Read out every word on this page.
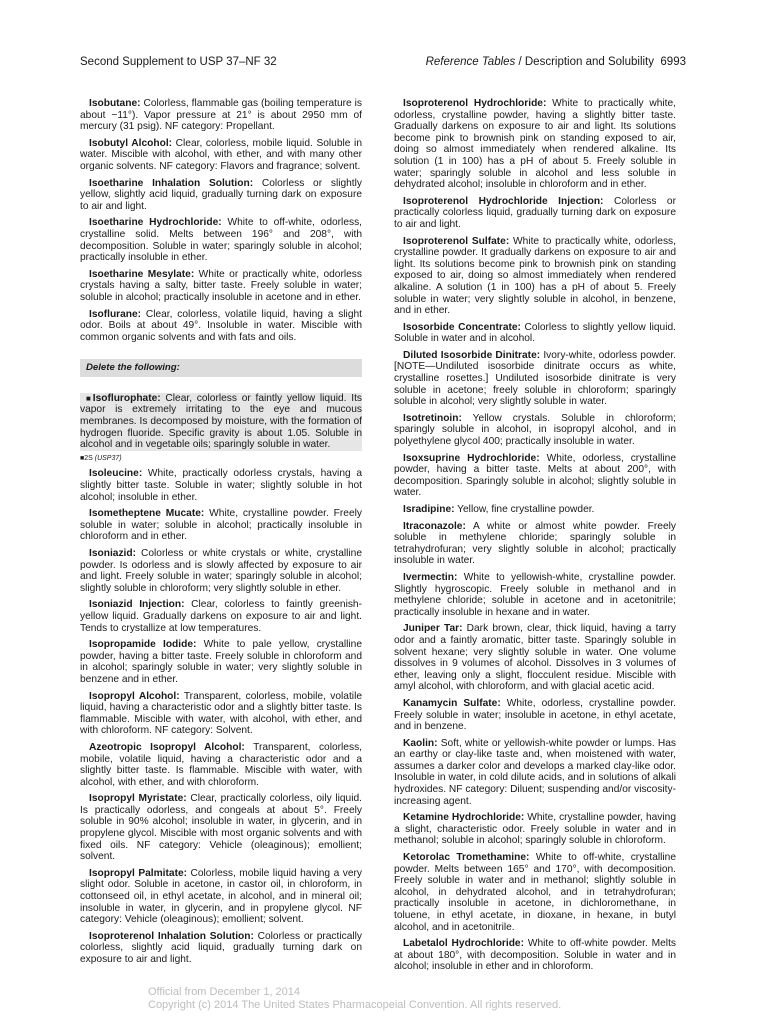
Second Supplement to USP 37–NF 32	Reference Tables / Description and Solubility 6993

Isobutane: Colorless, flammable gas (boiling temperature is about −11°). Vapor pressure at 21° is about 2950 mm of mercury (31 psig). NF category: Propellant.

Isobutyl Alcohol: Clear, colorless, mobile liquid. Soluble in water. Miscible with alcohol, with ether, and with many other organic solvents. NF category: Flavors and fragrance; solvent.

Isoetharine Inhalation Solution: Colorless or slightly yellow, slightly acid liquid, gradually turning dark on exposure to air and light.

Isoetharine Hydrochloride: White to off-white, odorless, crystalline solid. Melts between 196° and 208°, with decomposition. Soluble in water; sparingly soluble in alcohol; practically insoluble in ether.

Isoetharine Mesylate: White or practically white, odorless crystals having a salty, bitter taste. Freely soluble in water; soluble in alcohol; practically insoluble in acetone and in ether.

Isoflurane: Clear, colorless, volatile liquid, having a slight odor. Boils at about 49°. Insoluble in water. Miscible with common organic solvents and with fats and oils.

Delete the following:

■Isoflurophate: Clear, colorless or faintly yellow liquid. Its vapor is extremely irritating to the eye and mucous membranes. Is decomposed by moisture, with the formation of hydrogen fluoride. Specific gravity is about 1.05. Soluble in alcohol and in vegetable oils; sparingly soluble in water.

■2S (USP37)

Isoleucine: White, practically odorless crystals, having a slightly bitter taste. Soluble in water; slightly soluble in hot alcohol; insoluble in ether.

Isometheptene Mucate: White, crystalline powder. Freely soluble in water; soluble in alcohol; practically insoluble in chloroform and in ether.

Isoniazid: Colorless or white crystals or white, crystalline powder. Is odorless and is slowly affected by exposure to air and light. Freely soluble in water; sparingly soluble in alcohol; slightly soluble in chloroform; very slightly soluble in ether.

Isoniazid Injection: Clear, colorless to faintly greenish-yellow liquid. Gradually darkens on exposure to air and light. Tends to crystallize at low temperatures.

Isopropamide Iodide: White to pale yellow, crystalline powder, having a bitter taste. Freely soluble in chloroform and in alcohol; sparingly soluble in water; very slightly soluble in benzene and in ether.

Isopropyl Alcohol: Transparent, colorless, mobile, volatile liquid, having a characteristic odor and a slightly bitter taste. Is flammable. Miscible with water, with alcohol, with ether, and with chloroform. NF category: Solvent.

Azeotropic Isopropyl Alcohol: Transparent, colorless, mobile, volatile liquid, having a characteristic odor and a slightly bitter taste. Is flammable. Miscible with water, with alcohol, with ether, and with chloroform.

Isopropyl Myristate: Clear, practically colorless, oily liquid. Is practically odorless, and congeals at about 5°. Freely soluble in 90% alcohol; insoluble in water, in glycerin, and in propylene glycol. Miscible with most organic solvents and with fixed oils. NF category: Vehicle (oleaginous); emollient; solvent.

Isopropyl Palmitate: Colorless, mobile liquid having a very slight odor. Soluble in acetone, in castor oil, in chloroform, in cottonseed oil, in ethyl acetate, in alcohol, and in mineral oil; insoluble in water, in glycerin, and in propylene glycol. NF category: Vehicle (oleaginous); emollient; solvent.

Isoproterenol Inhalation Solution: Colorless or practically colorless, slightly acid liquid, gradually turning dark on exposure to air and light.

Isoproterenol Hydrochloride: White to practically white, odorless, crystalline powder, having a slightly bitter taste. Gradually darkens on exposure to air and light. Its solutions become pink to brownish pink on standing exposed to air, doing so almost immediately when rendered alkaline. Its solution (1 in 100) has a pH of about 5. Freely soluble in water; sparingly soluble in alcohol and less soluble in dehydrated alcohol; insoluble in chloroform and in ether.

Isoproterenol Hydrochloride Injection: Colorless or practically colorless liquid, gradually turning dark on exposure to air and light.

Isoproterenol Sulfate: White to practically white, odorless, crystalline powder. It gradually darkens on exposure to air and light. Its solutions become pink to brownish pink on standing exposed to air, doing so almost immediately when rendered alkaline. A solution (1 in 100) has a pH of about 5. Freely soluble in water; very slightly soluble in alcohol, in benzene, and in ether.

Isosorbide Concentrate: Colorless to slightly yellow liquid. Soluble in water and in alcohol.

Diluted Isosorbide Dinitrate: Ivory-white, odorless powder. [NOTE—Undiluted isosorbide dinitrate occurs as white, crystalline rosettes.] Undiluted isosorbide dinitrate is very soluble in acetone; freely soluble in chloroform; sparingly soluble in alcohol; very slightly soluble in water.

Isotretinoin: Yellow crystals. Soluble in chloroform; sparingly soluble in alcohol, in isopropyl alcohol, and in polyethylene glycol 400; practically insoluble in water.

Isoxsuprine Hydrochloride: White, odorless, crystalline powder, having a bitter taste. Melts at about 200°, with decomposition. Sparingly soluble in alcohol; slightly soluble in water.

Isradipine: Yellow, fine crystalline powder.

Itraconazole: A white or almost white powder. Freely soluble in methylene chloride; sparingly soluble in tetrahydrofuran; very slightly soluble in alcohol; practically insoluble in water.

Ivermectin: White to yellowish-white, crystalline powder. Slightly hygroscopic. Freely soluble in methanol and in methylene chloride; soluble in acetone and in acetonitrile; practically insoluble in hexane and in water.

Juniper Tar: Dark brown, clear, thick liquid, having a tarry odor and a faintly aromatic, bitter taste. Sparingly soluble in solvent hexane; very slightly soluble in water. One volume dissolves in 9 volumes of alcohol. Dissolves in 3 volumes of ether, leaving only a slight, flocculent residue. Miscible with amyl alcohol, with chloroform, and with glacial acetic acid.

Kanamycin Sulfate: White, odorless, crystalline powder. Freely soluble in water; insoluble in acetone, in ethyl acetate, and in benzene.

Kaolin: Soft, white or yellowish-white powder or lumps. Has an earthy or clay-like taste and, when moistened with water, assumes a darker color and develops a marked clay-like odor. Insoluble in water, in cold dilute acids, and in solutions of alkali hydroxides. NF category: Diluent; suspending and/or viscosity-increasing agent.

Ketamine Hydrochloride: White, crystalline powder, having a slight, characteristic odor. Freely soluble in water and in methanol; soluble in alcohol; sparingly soluble in chloroform.

Ketorolac Tromethamine: White to off-white, crystalline powder. Melts between 165° and 170°, with decomposition. Freely soluble in water and in methanol; slightly soluble in alcohol, in dehydrated alcohol, and in tetrahydrofuran; practically insoluble in acetone, in dichloromethane, in toluene, in ethyl acetate, in dioxane, in hexane, in butyl alcohol, and in acetonitrile.

Labetalol Hydrochloride: White to off-white powder. Melts at about 180°, with decomposition. Soluble in water and in alcohol; insoluble in ether and in chloroform.

Official from December 1, 2014
Copyright (c) 2014 The United States Pharmacopeial Convention. All rights reserved.
